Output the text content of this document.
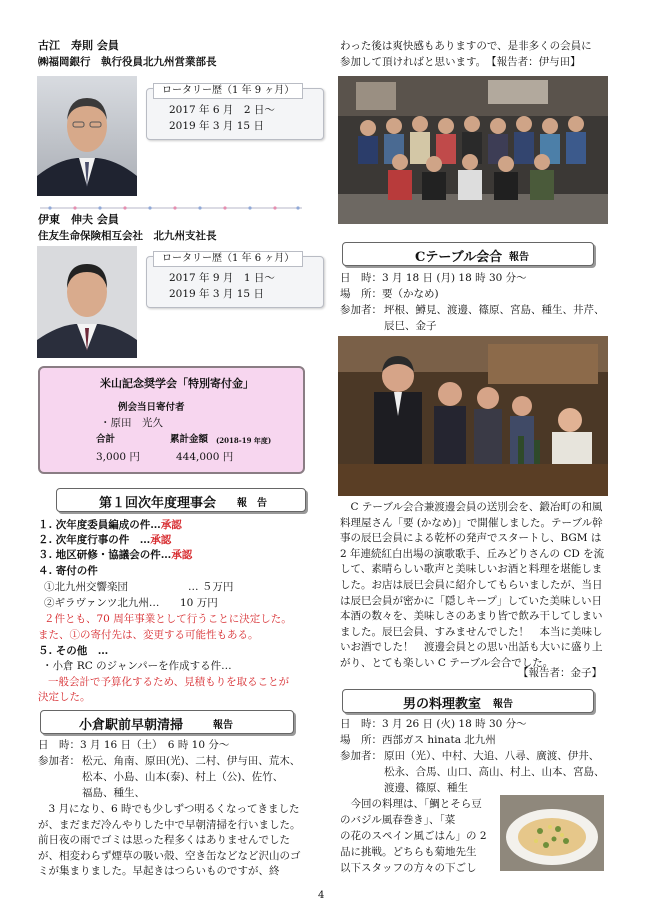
古江　寿則 会員
㈱福岡銀行　執行役員北九州営業部長
ロータリー歴（1 年 9 ヶ月）
2017 年 6 月　2 日～
2019 年 3 月 15 日
伊東　伸夫 会員
住友生命保険相互会社　北九州支社長
ロータリー歴（1 年 6 ヶ月）
2017 年 9 月　1 日～
2019 年 3 月 15 日
米山記念奨学会「特別寄付金」
例会当日寄付者
・原田　光久
合計	累計金額 (2018-19 年度)
3,000 円	444,000 円
第１回次年度理事会 報　告
１. 次年度委員編成の件…承認
２. 次年度行事の件　…承認
３. 地区研修・協議会の件…承認
４. 寄付の件
①北九州交響楽団	… ５万円
②ギラヴァンツ北九州… 10 万円
２件とも、70 周年事業として行うことに決定した。
また、①の寄付先は、変更する可能性もある。
５. その他　…
・小倉 RC のジャンパーを作成する件…
一般会計で予算化するため、見積もりを取ることが
決定した。
小倉駅前早朝清掃	報告
日　時：3 月 16 日（土）　6 時 10 分～
参加者： 松元、角南、原田(光)、二村、伊与田、荒木、
松本、小島、山本(泰)、村上（公)、佐竹、
福島、種生、
　3 月になり、6 時でも少しずつ明るくなってきましたが、まだまだ冷んやりした中で早朝清掃を行いました。前日夜の雨でゴミは思った程多くはありませんでしたが、相変わらず煙草の吸い殻、空き缶などなど沢山のゴミが集まりました。早起きはつらいものですが、終
わった後は爽快感もありますので、是非多くの会員に
参加して頂ければと思います。　【報告者：伊与田】
Cテーブル会合 報告
日　時：3 月 18 日 (月) 18 時 30 分～
場　所：要（かなめ)
参加者： 坪根、鱒見、渡邊、篠原、宮島、種生、井芹、
辰巳、金子
　C テーブル会合兼渡邊会員の送別会を、鍛冶町の和風料理屋さん「要 (かなめ)」で開催しました。テーブル幹事の辰巳会員による乾杯の発声でスタートし、BGM は 2 年連続紅白出場の演歌歌手、丘みどりさんの CD を流して、素晴らしい歌声と美味しいお酒と料理を堪能しました。お店は辰巳会員に紹介してもらいましたが、当日は辰巳会員が密かに「隠しキープ」していた美味しい日本酒の数々を、美味しさのあまり皆で飲み干してしまいました。辰巳会員、すみませんでした！　本当に美味しいお酒でした！　渡邊会員との思い出話も大いに盛り上がり、とても楽しい C テーブル会合でした。
【報告者：金子】
男の料理教室 報告
日　時：3 月 26 日 (火) 18 時 30 分～
場　所：西部ガス hinata 北九州
参加者： 原田（光）、中村、大追、八尋、廣渡、伊井、
松永、合馬、山口、高山、村上、山本、宮島、
渡邊、篠原、種生
　今回の料理は、「鯛とそら豆
のバジル風春巻き」、「菜
の花のスペイン風ごはん」の 2
品に挑戦。どちらも菊地先生
以下スタッフの方々の下ごし
4
